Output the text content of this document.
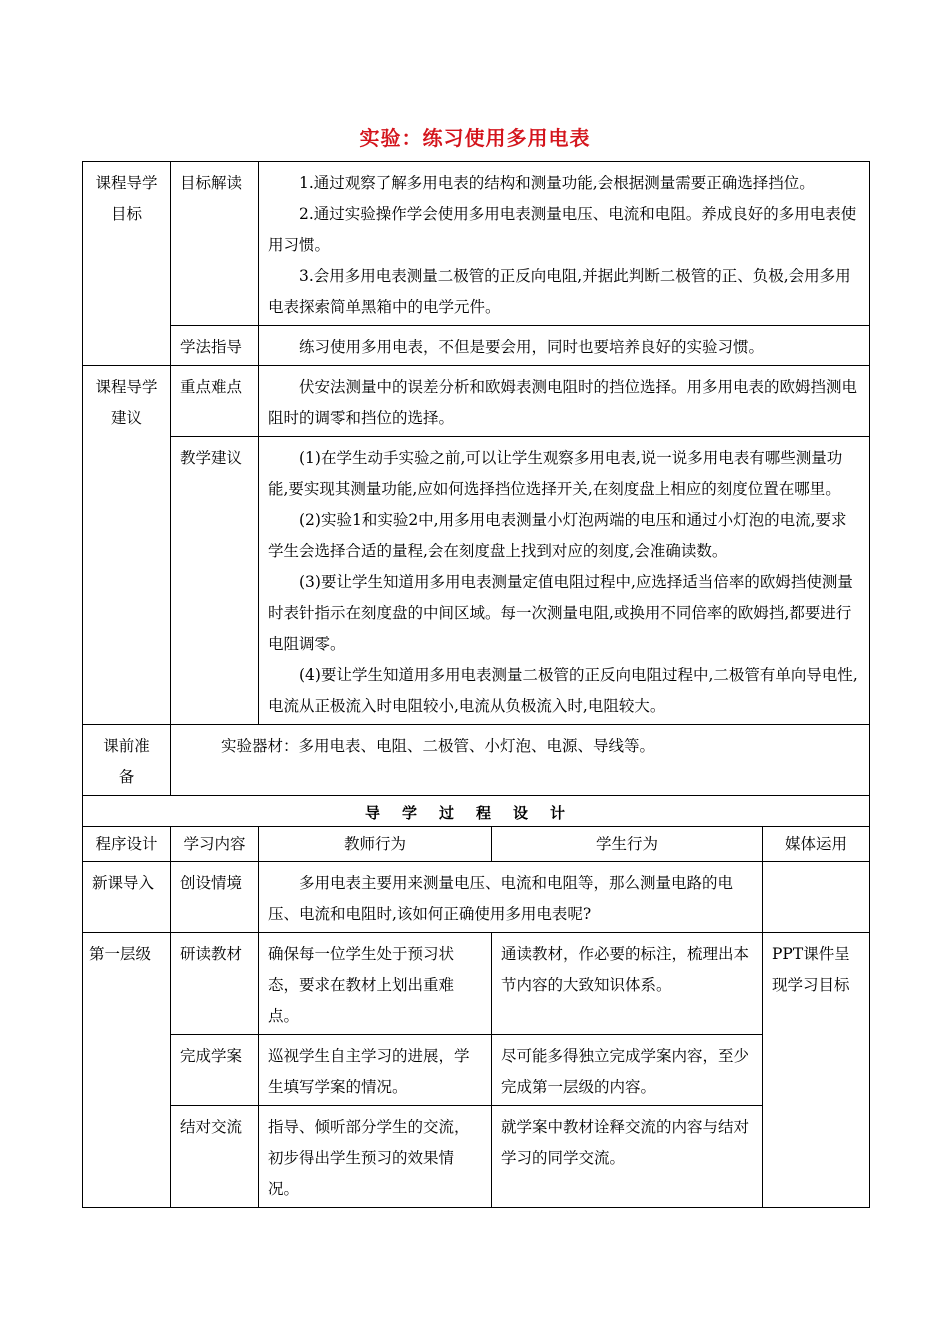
实验：练习使用多用电表
课程导学目标	目标解读	1.通过观察了解多用电表的结构和测量功能,会根据测量需要正确选择挡位。

2.通过实验操作学会使用多用电表测量电压、电流和电阻。养成良好的多用电表使用习惯。

3.会用多用电表测量二极管的正反向电阻,并据此判断二极管的正、负极,会用多用电表探索简单黑箱中的电学元件。		

	学法指导	练习使用多用电表，不但是要会用，同时也要培养良好的实验习惯。		

课程导学建议	重点难点	伏安法测量中的误差分析和欧姆表测电阻时的挡位选择。用多用电表的欧姆挡测电阻时的调零和挡位的选择。		

	教学建议	(1)在学生动手实验之前,可以让学生观察多用电表,说一说多用电表有哪些测量功能,要实现其测量功能,应如何选择挡位选择开关,在刻度盘上相应的刻度位置在哪里。

(2)实验1和实验2中,用多用电表测量小灯泡两端的电压和通过小灯泡的电流,要求学生会选择合适的量程,会在刻度盘上找到对应的刻度,会准确读数。

(3)要让学生知道用多用电表测量定值电阻过程中,应选择适当倍率的欧姆挡使测量时表针指示在刻度盘的中间区域。每一次测量电阻,或换用不同倍率的欧姆挡,都要进行电阻调零。

(4)要让学生知道用多用电表测量二极管的正反向电阻过程中,二极管有单向导电性,电流从正极流入时电阻较小,电流从负极流入时,电阻较大。		

课前准备	实验器材：多用电表、电阻、二极管、小灯泡、电源、导线等。			

导学过程设计				
程序设计	学习内容	教师行为	学生行为	媒体运用
新课导入	创设情境	多用电表主要用来测量电压、电流和电阻等，那么测量电路的电压、电流和电阻时,该如何正确使用多用电表呢?		

第一层级	研读教材	确保每一位学生处于预习状态，要求在教材上划出重难点。	通读教材，作必要的标注，梳理出本节内容的大致知识体系。	PPT课件呈现学习目标
	完成学案	巡视学生自主学习的进展，学生填写学案的情况。	尽可能多得独立完成学案内容，至少完成第一层级的内容。	
	结对交流	指导、倾听部分学生的交流，初步得出学生预习的效果情况。	就学案中教材诠释交流的内容与结对学习的同学交流。	
